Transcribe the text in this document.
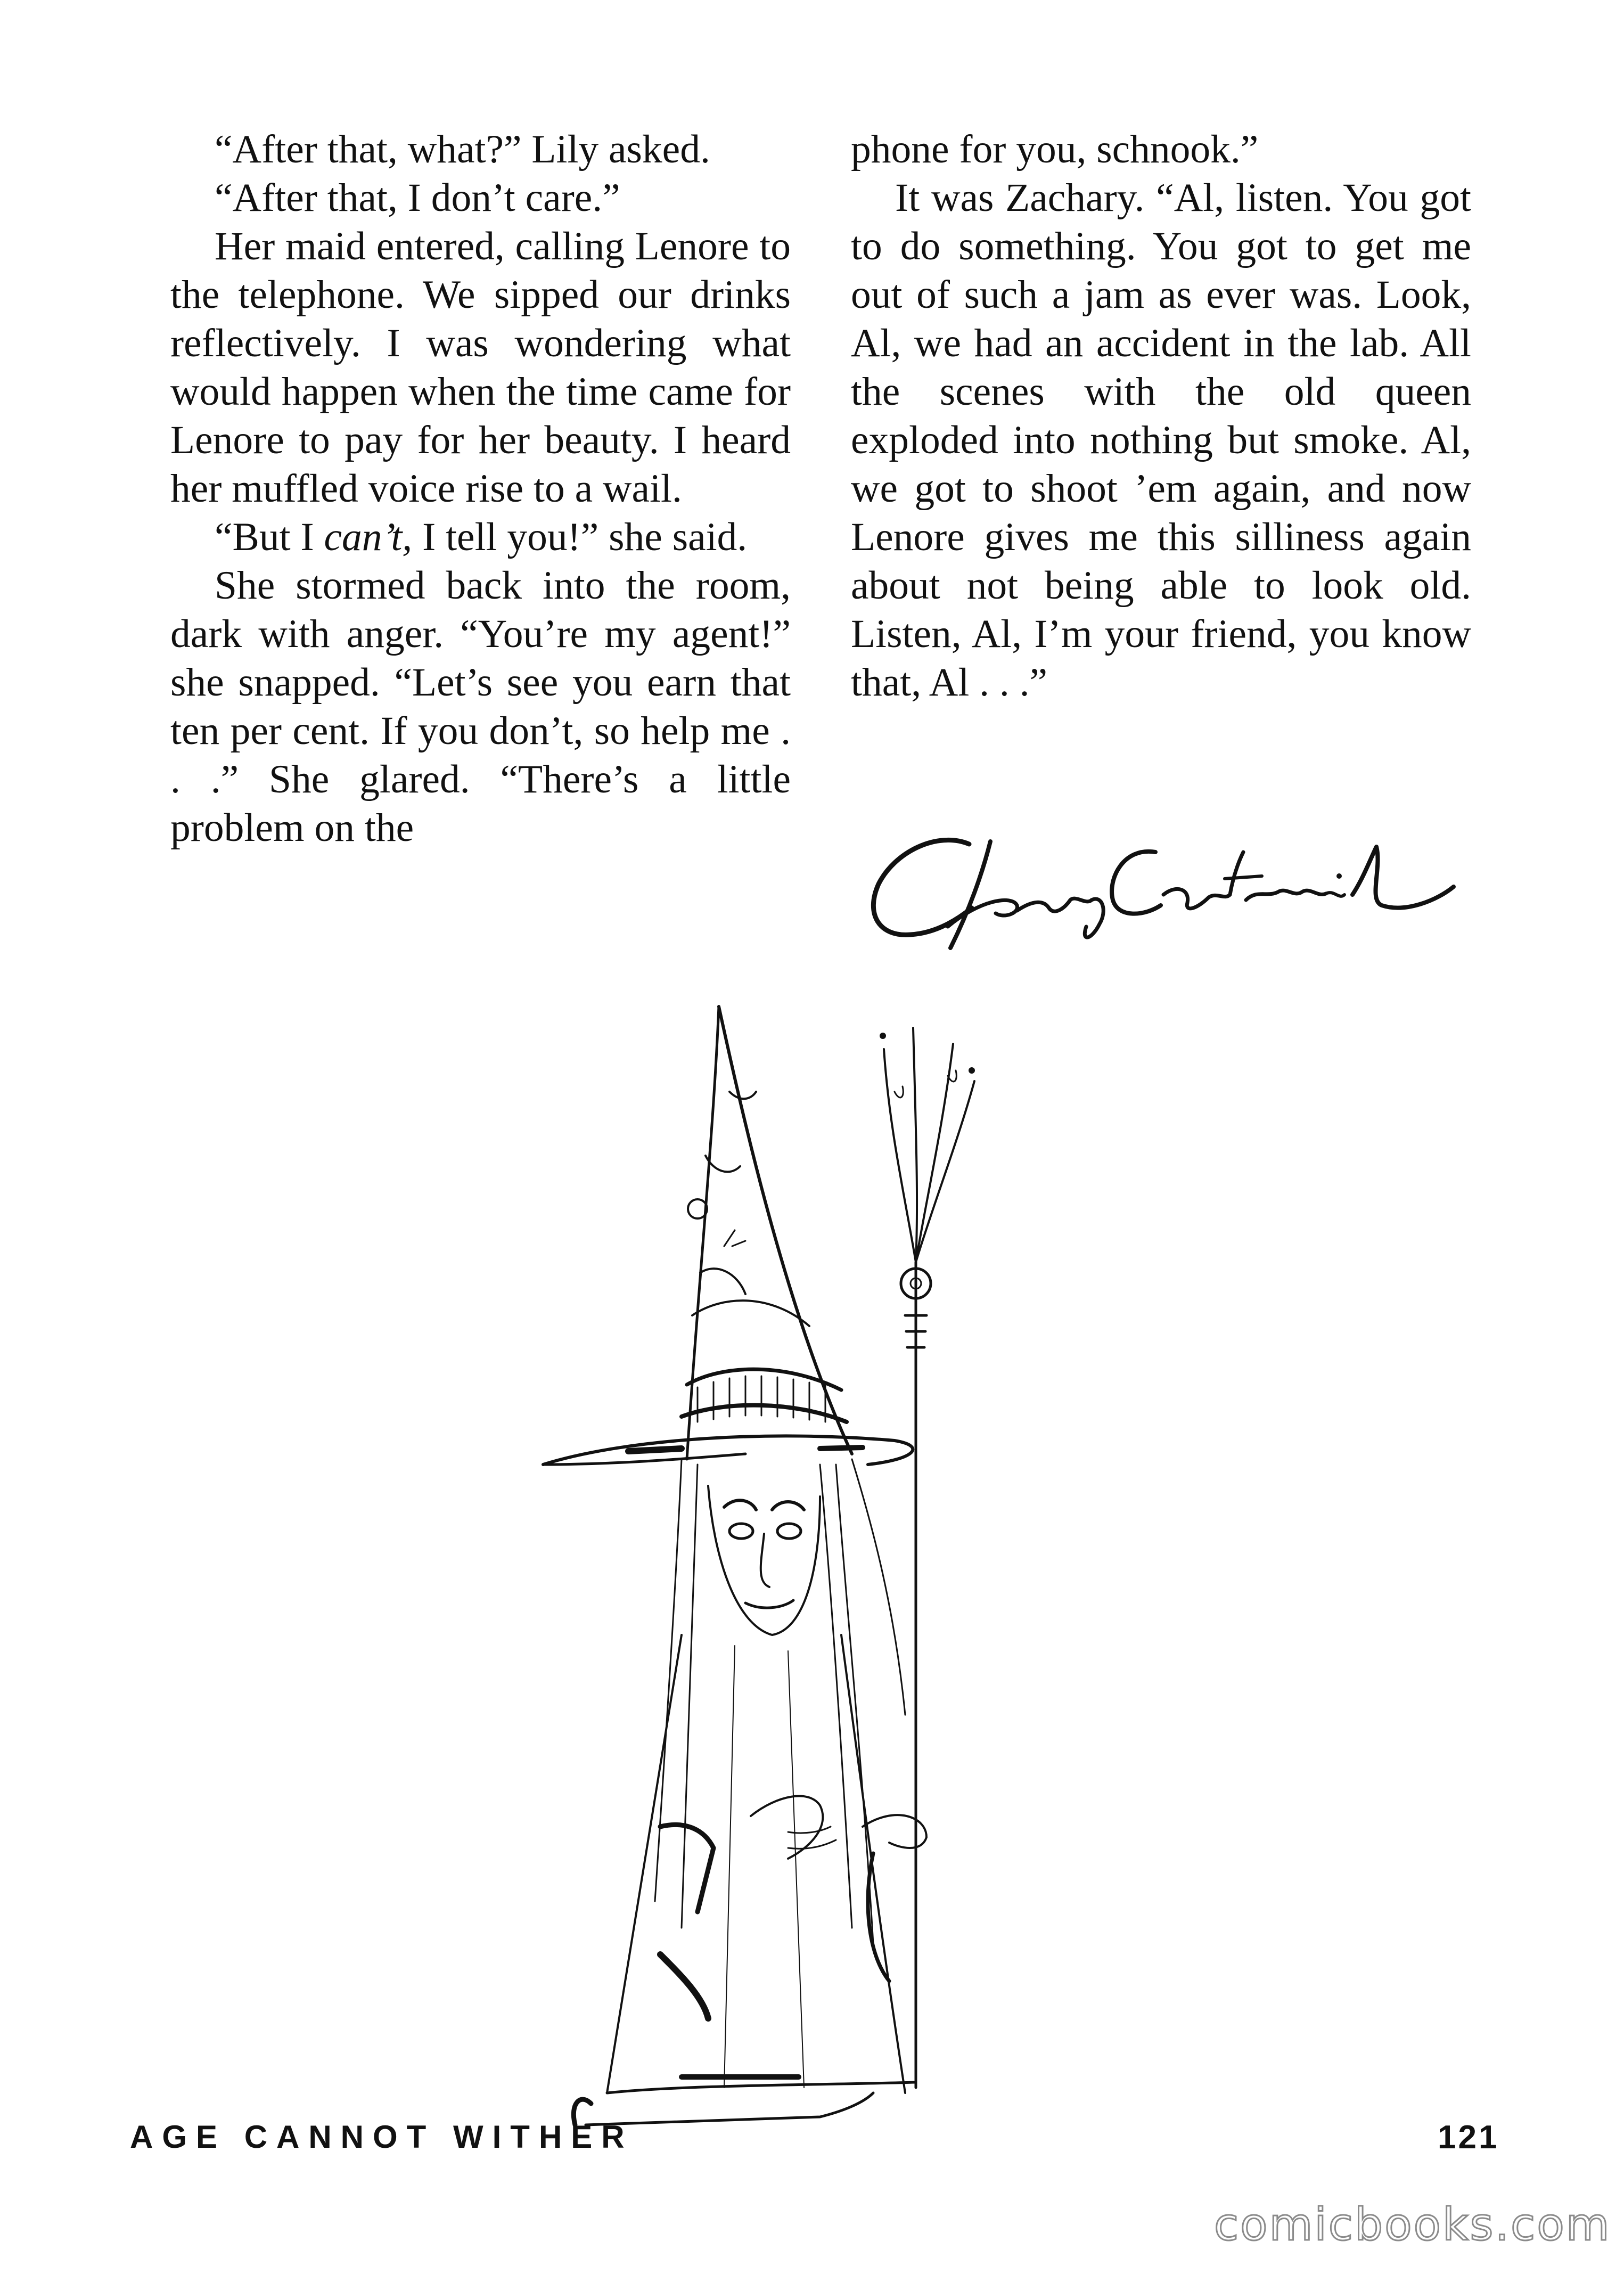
“After that, what?” Lily asked.

“After that, I don’t care.”

Her maid entered, calling Lenore to the telephone. We sipped our drinks reflectively. I was wondering what would happen when the time came for Lenore to pay for her beauty. I heard her muffled voice rise to a wail.

“But I can’t, I tell you!” she said.

She stormed back into the room, dark with anger. “You’re my agent!” she snapped. “Let’s see you earn that ten per cent. If you don’t, so help me . . .” She glared. “There’s a little problem on the

phone for you, schnook.”

It was Zachary. “Al, listen. You got to do something. You got to get me out of such a jam as ever was. Look, Al, we had an accident in the lab. All the scenes with the old queen exploded into nothing but smoke. Al, we got to shoot ’em again, and now Lenore gives me this silliness again about not being able to look old. Listen, Al, I’m your friend, you know that, Al . . .”

AGE CANNOT WITHER	121
comicbooks.com
